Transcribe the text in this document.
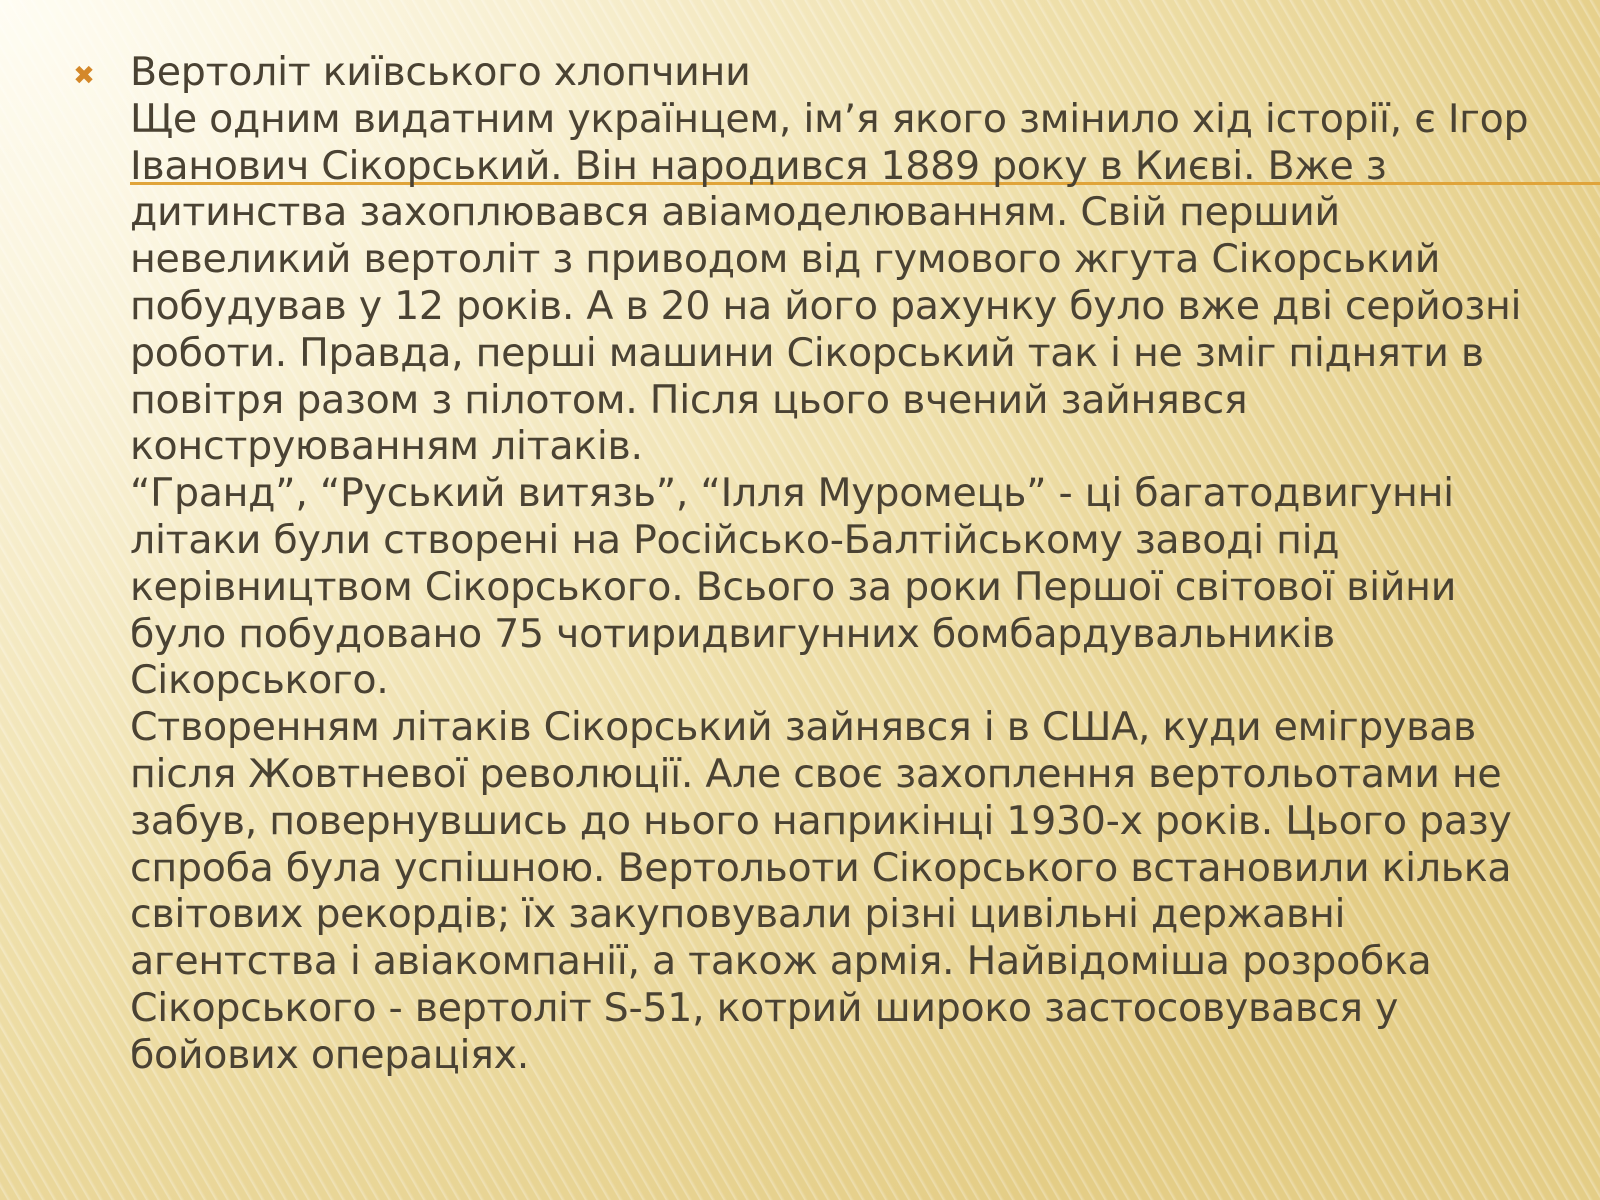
✖ Вертоліт київського хлопчини
Ще одним видатним українцем, ім’я якого змінило хід історії, є Ігор
Іванович Сікорський. Він народився 1889 року в Києві. Вже з
дитинства захоплювався авіамоделюванням. Свій перший
невеликий вертоліт з приводом від гумового жгута Сікорський
побудував у 12 років. А в 20 на його рахунку було вже дві серйозні
роботи. Правда, перші машини Сікорський так і не зміг підняти в
повітря разом з пілотом. Після цього вчений зайнявся
конструюванням літаків.
“Гранд”, “Руський витязь”, “Ілля Муромець” - ці багатодвигунні
літаки були створені на Російсько-Балтійському заводі під
керівництвом Сікорського. Всього за роки Першої світової війни
було побудовано 75 чотиридвигунних бомбардувальників
Сікорського.
Створенням літаків Сікорський зайнявся і в США, куди емігрував
після Жовтневої революції. Але своє захоплення вертольотами не
забув, повернувшись до нього наприкінці 1930-х років. Цього разу
спроба була успішною. Вертольоти Сікорського встановили кілька
світових рекордів; їх закуповували різні цивільні державні
агентства і авіакомпанії, а також армія. Найвідоміша розробка
Сікорського - вертоліт S-51, котрий широко застосовувався у
бойових операціях.
